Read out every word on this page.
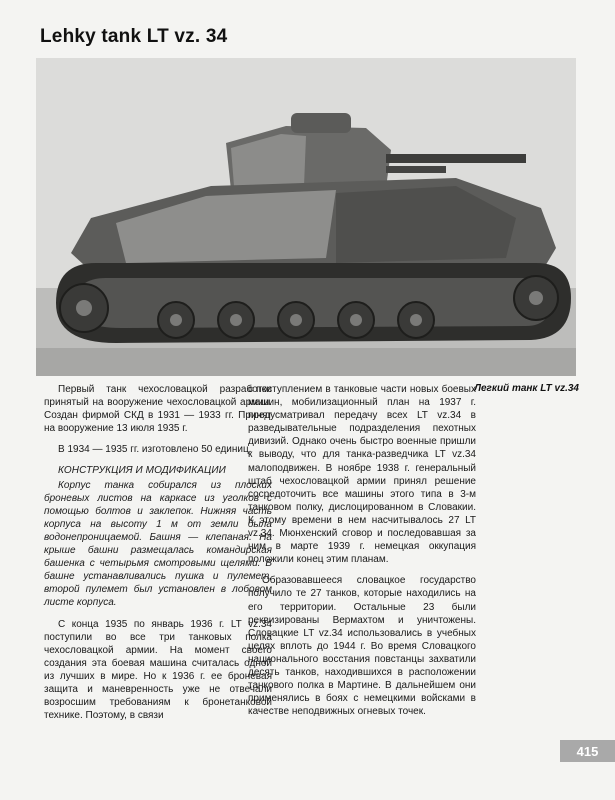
Lehky tank LT vz. 34
Легкий танк LT vz.34

Первый танк чехословацкой разработки принятый на вооружение чехословацкой армии. Создан фирмой СКД в 1931 — 1933 гг. Принят на вооружение 13 июля 1935 г.

В 1934 — 1935 гг. изготовлено 50 единиц.

КОНСТРУКЦИЯ И МОДИФИКАЦИИ

Корпус танка собирался из плоских броневых листов на каркасе из уголков с помощью болтов и заклепок. Нижняя часть корпуса на высоту 1 м от земли была водонепроницаемой. Башня — клепаная. На крыше башни размещалась командирская башенка с четырьмя смотровыми щелями. В башне устанавливались пушка и пулемет, второй пулемет был установлен в лобовом листе корпуса.

С конца 1935 по январь 1936 г. LT vz.34 поступили во все три танковых полка чехословацкой армии. На момент своего создания эта боевая машина считалась одной из лучших в мире. Но к 1936 г. ее броневая защита и маневренность уже не отвечали возросшим требованиям к бронетанковой технике. Поэтому, в связи

с поступлением в танковые части новых боевых машин, мобилизационный план на 1937 г. предусматривал передачу всех LT vz.34 в разведывательные подразделения пехотных дивизий. Однако очень быстро военные пришли к выводу, что для танка-разведчика LT vz.34 малоподвижен. В ноябре 1938 г. генеральный штаб чехословацкой армии принял решение сосредоточить все машины этого типа в 3-м танковом полку, дислоцированном в Словакии. К этому времени в нем насчитывалось 27 LT vz.34. Мюнхенский сговор и последовавшая за ним в марте 1939 г. немецкая оккупация положили конец этим планам.

Образовавшееся словацкое государство получило те 27 танков, которые находились на его территории. Остальные 23 были реквизированы Вермахтом и уничтожены. Словацкие LT vz.34 использовались в учебных целях вплоть до 1944 г. Во время Словацкого национального восстания повстанцы захватили десять танков, находившихся в расположении танкового полка в Мартине. В дальнейшем они применялись в боях с немецкими войсками в качестве неподвижных огневых точек.

415
